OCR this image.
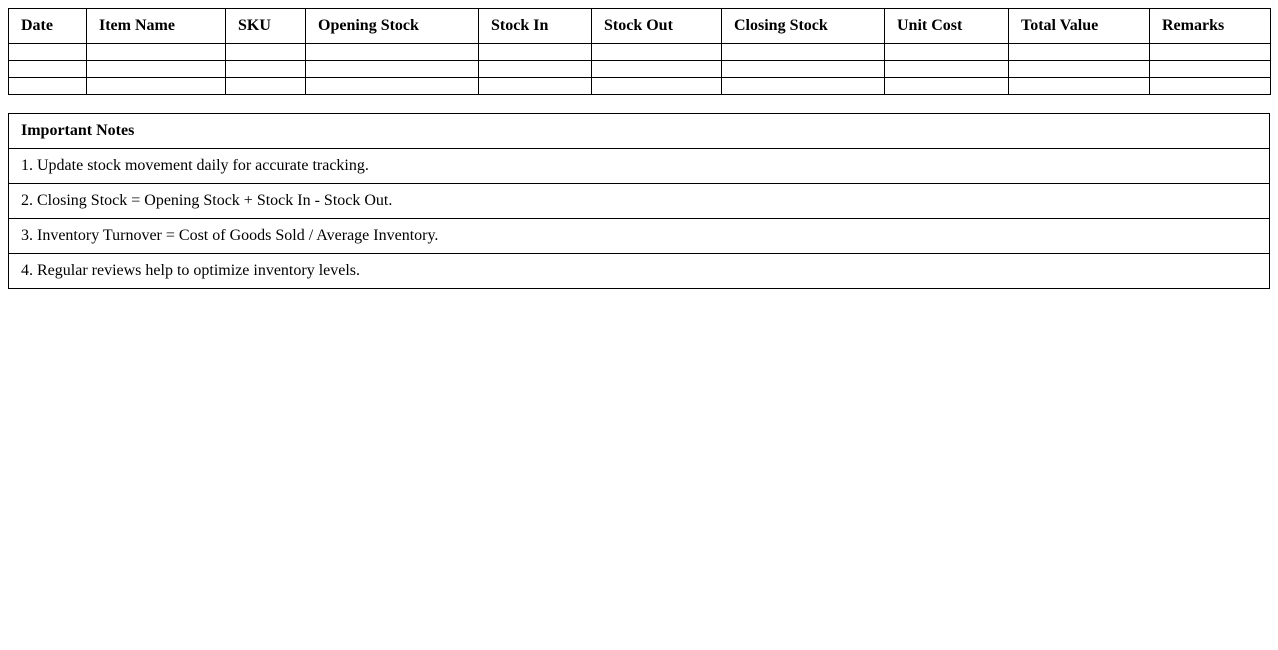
Date	Item Name	SKU	Opening Stock	Stock In	Stock Out	Closing Stock	Unit Cost	Total Value	Remarks

Important Notes
1. Update stock movement daily for accurate tracking.
2. Closing Stock = Opening Stock + Stock In - Stock Out.
3. Inventory Turnover = Cost of Goods Sold / Average Inventory.
4. Regular reviews help to optimize inventory levels.
